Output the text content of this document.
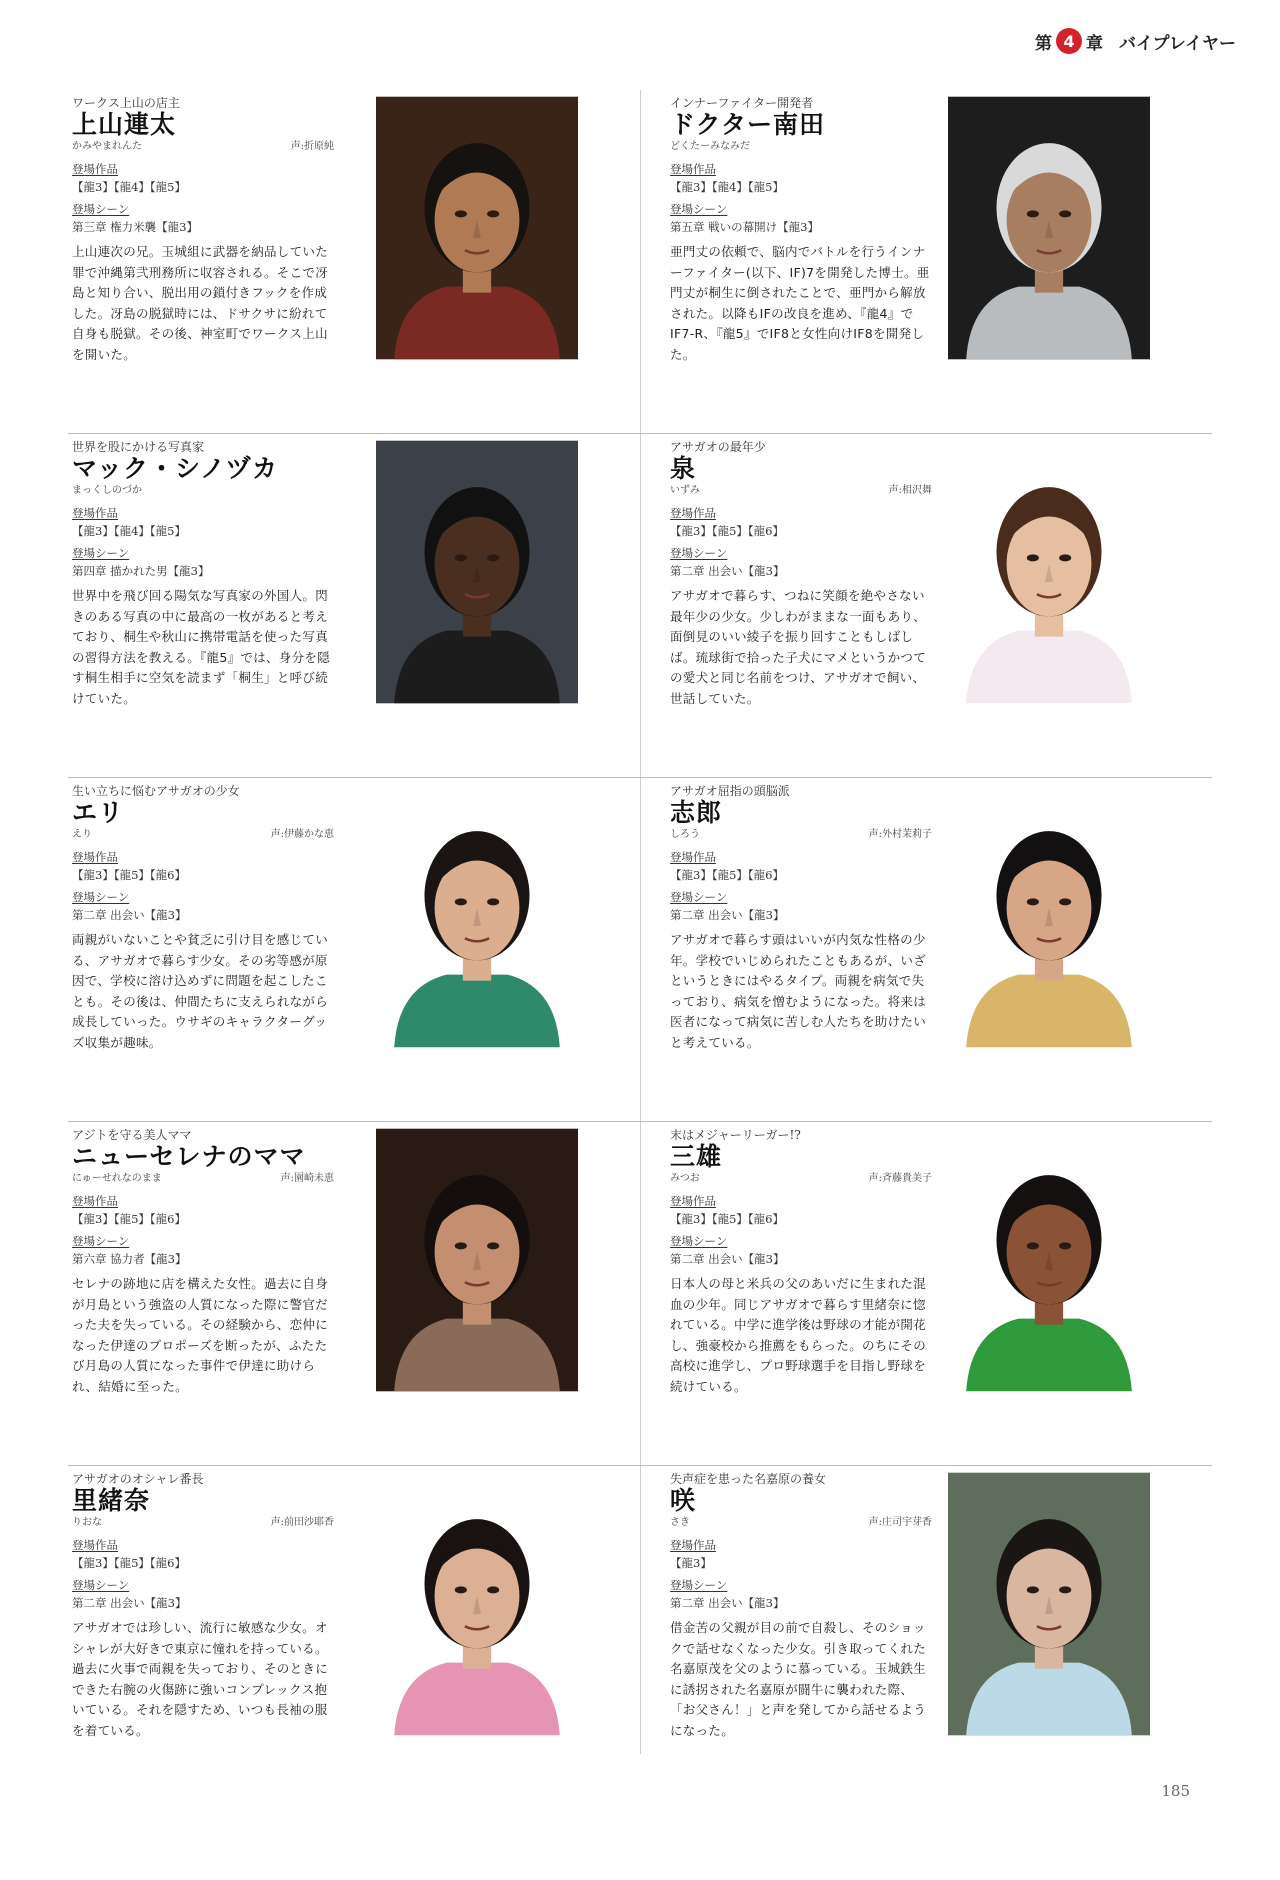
第 4 章 バイプレイヤー
ワークス上山の店主
上山連太
かみやまれんた	声:折原純
登場作品
【龍3】【龍4】【龍5】
登場シーン
第三章 権力米襲【龍3】
上山連次の兄。玉城組に武器を納品していた罪で沖縄第弐刑務所に収容される。そこで冴島と知り合い、脱出用の鎖付きフックを作成した。冴島の脱獄時には、ドサクサに紛れて自身も脱獄。その後、神室町でワークス上山を開いた。
インナーファイター開発者
ドクター南田
どくたーみなみだ
登場作品
【龍3】【龍4】【龍5】
登場シーン
第五章 戦いの幕開け【龍3】
亜門丈の依頼で、脳内でバトルを行うインナーファイター(以下、IF)7を開発した博士。亜門丈が桐生に倒されたことで、亜門から解放された。以降もIFの改良を進め、『龍4』でIF7-R、『龍5』でIF8と女性向けIF8を開発した。
世界を股にかける写真家
マック・シノヅカ
まっくしのづか
登場作品
【龍3】【龍4】【龍5】
登場シーン
第四章 描かれた男【龍3】
世界中を飛び回る陽気な写真家の外国人。閃きのある写真の中に最高の一枚があると考えており、桐生や秋山に携帯電話を使った写真の習得方法を教える。『龍5』では、身分を隠す桐生相手に空気を読まず「桐生」と呼び続けていた。
アサガオの最年少
泉
いずみ	声:相沢舞
登場作品
【龍3】【龍5】【龍6】
登場シーン
第二章 出会い【龍3】
アサガオで暮らす、つねに笑顔を絶やさない最年少の少女。少しわがままな一面もあり、面倒見のいい綾子を振り回すこともしばしば。琉球街で拾った子犬にマメというかつての愛犬と同じ名前をつけ、アサガオで飼い、世話していた。
生い立ちに悩むアサガオの少女
エリ
えり	声:伊藤かな恵
登場作品
【龍3】【龍5】【龍6】
登場シーン
第二章 出会い【龍3】
両親がいないことや貧乏に引け目を感じている、アサガオで暮らす少女。その劣等感が原因で、学校に溶け込めずに問題を起こしたことも。その後は、仲間たちに支えられながら成長していった。ウサギのキャラクターグッズ収集が趣味。
アサガオ屈指の頭脳派
志郎
しろう	声:外村茉莉子
登場作品
【龍3】【龍5】【龍6】
登場シーン
第二章 出会い【龍3】
アサガオで暮らす頭はいいが内気な性格の少年。学校でいじめられたこともあるが、いざというときにはやるタイプ。両親を病気で失っており、病気を憎むようになった。将来は医者になって病気に苦しむ人たちを助けたいと考えている。
アジトを守る美人ママ
ニューセレナのママ
にゅーせれなのまま	声:園崎未恵
登場作品
【龍3】【龍5】【龍6】
登場シーン
第六章 協力者【龍3】
セレナの跡地に店を構えた女性。過去に自身が月島という強盗の人質になった際に警官だった夫を失っている。その経験から、恋仲になった伊達のプロポーズを断ったが、ふたたび月島の人質になった事件で伊達に助けられ、結婚に至った。
末はメジャーリーガー!?
三雄
みつお	声:斉藤貴美子
登場作品
【龍3】【龍5】【龍6】
登場シーン
第二章 出会い【龍3】
日本人の母と米兵の父のあいだに生まれた混血の少年。同じアサガオで暮らす里緒奈に惚れている。中学に進学後は野球の才能が開花し、強豪校から推薦をもらった。のちにその高校に進学し、プロ野球選手を目指し野球を続けている。
アサガオのオシャレ番長
里緒奈
りおな	声:前田沙耶香
登場作品
【龍3】【龍5】【龍6】
登場シーン
第二章 出会い【龍3】
アサガオでは珍しい、流行に敏感な少女。オシャレが大好きで東京に憧れを持っている。過去に火事で両親を失っており、そのときにできた右腕の火傷跡に強いコンプレックス抱いている。それを隠すため、いつも長袖の服を着ている。
失声症を患った名嘉原の養女
咲
さき	声:庄司宇芽香
登場作品
【龍3】
登場シーン
第二章 出会い【龍3】
借金苦の父親が目の前で自殺し、そのショックで話せなくなった少女。引き取ってくれた名嘉原茂を父のように慕っている。玉城鉄生に誘拐された名嘉原が闘牛に襲われた際、「お父さん！」と声を発してから話せるようになった。
185
